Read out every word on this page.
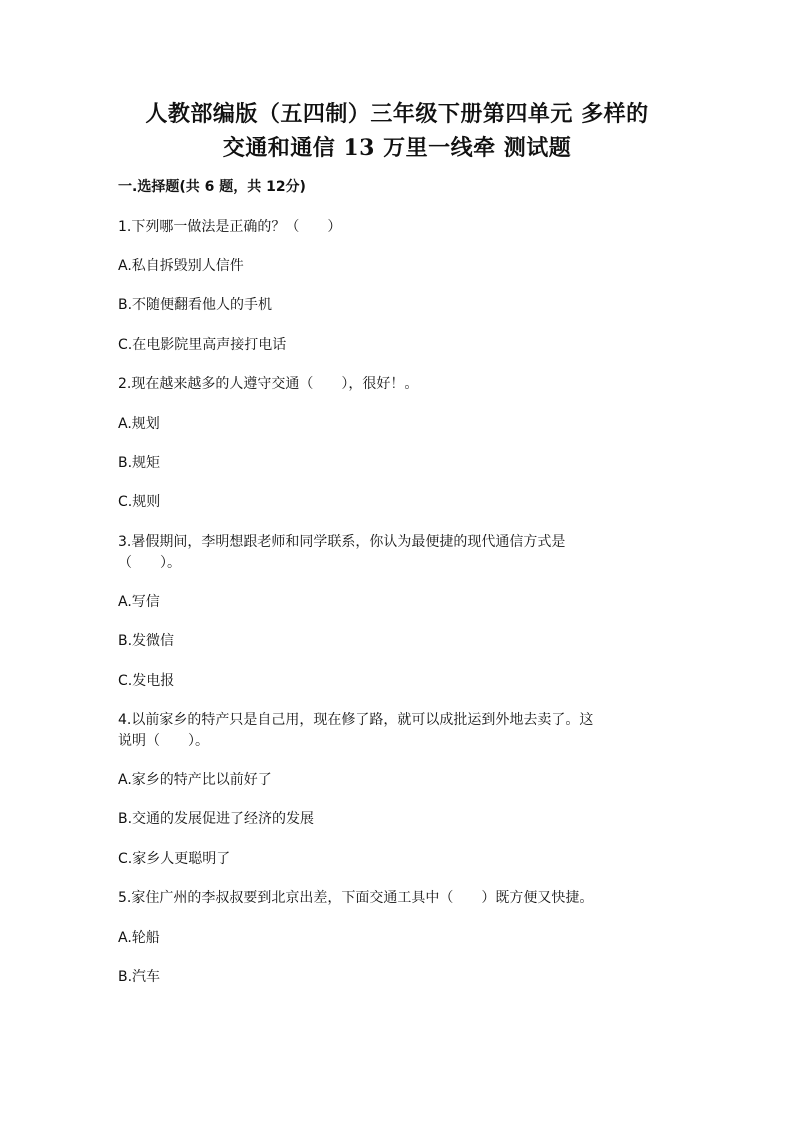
人教部编版（五四制）三年级下册第四单元 多样的
交通和通信 13 万里一线牵 测试题
一.选择题(共 6 题，共 12分)
1.下列哪一做法是正确的？（　　）
A.私自拆毁别人信件
B.不随便翻看他人的手机
C.在电影院里高声接打电话
2.现在越来越多的人遵守交通（　　），很好！。
A.规划
B.规矩
C.规则
3.暑假期间，李明想跟老师和同学联系，你认为最便捷的现代通信方式是
（　　）。
A.写信
B.发微信
C.发电报
4.以前家乡的特产只是自己用，现在修了路，就可以成批运到外地去卖了。这
说明（　　）。
A.家乡的特产比以前好了
B.交通的发展促进了经济的发展
C.家乡人更聪明了
5.家住广州的李叔叔要到北京出差，下面交通工具中（　　）既方便又快捷。
A.轮船
B.汽车
